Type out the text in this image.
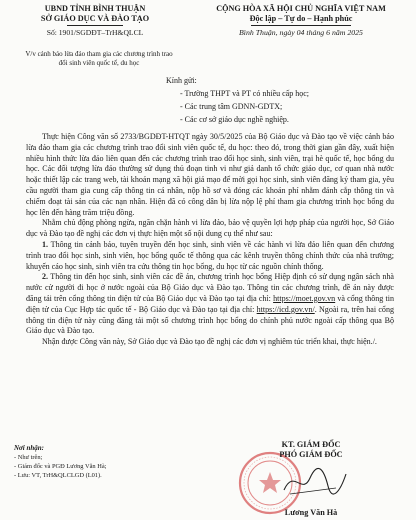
UBND TỈNH BÌNH THUẬN
SỞ GIÁO DỤC VÀ ĐÀO TẠO
Số: 1901/SGDĐT–TrH&QLCL
CỘNG HÒA XÃ HỘI CHỦ NGHĨA VIỆT NAM
Độc lập – Tự do – Hạnh phúc
Bình Thuận, ngày 04 tháng 6 năm 2025
V/v cảnh báo lừa đảo tham gia các chương trình trao đổi sinh viên quốc tế, du học
Kính gửi:
- Trường THPT và PT có nhiều cấp học;
- Các trung tâm GDNN-GDTX;
- Các cơ sở giáo dục nghề nghiệp.

Thực hiện Công văn số 2733/BGDĐT-HTQT ngày 30/5/2025 của Bộ Giáo dục và Đào tạo về việc cảnh báo lừa đảo tham gia các chương trình trao đổi sinh viên quốc tế, du học: theo đó, trong thời gian gần đây, xuất hiện nhiều hình thức lừa đảo liên quan đến các chương trình trao đổi học sinh, sinh viên, trại hè quốc tế, học bổng du học. Các đối tượng lừa đảo thường sử dụng thủ đoạn tinh vi như giả danh tổ chức giáo dục, cơ quan nhà nước hoặc thiết lập các trang web, tài khoản mạng xã hội giả mạo để mời gọi học sinh, sinh viên đăng ký tham gia, yêu cầu người tham gia cung cấp thông tin cá nhân, nộp hồ sơ và đóng các khoản phí nhằm đánh cắp thông tin và chiếm đoạt tài sản của các nạn nhân. Hiện đã có công dân bị lừa nộp lệ phí tham gia chương trình học bổng du học lên đến hàng trăm triệu đồng.

Nhằm chủ động phòng ngừa, ngăn chặn hành vi lừa đảo, bảo vệ quyền lợi hợp pháp của người học, Sở Giáo dục và Đào tạo đề nghị các đơn vị thực hiện một số nội dung cụ thể như sau:

1. Thông tin cảnh báo, tuyên truyền đến học sinh, sinh viên về các hành vi lừa đảo liên quan đến chương trình trao đổi học sinh, sinh viên, học bổng quốc tế thông qua các kênh truyền thông chính thức của nhà trường; khuyến cáo học sinh, sinh viên tra cứu thông tin học bổng, du học từ các nguồn chính thống.

2. Thông tin đến học sinh, sinh viên các đề án, chương trình học bổng Hiệp định có sử dụng ngân sách nhà nước cử người đi học ở nước ngoài của Bộ Giáo dục và Đào tạo. Thông tin các chương trình, đề án này được đăng tải trên cổng thông tin điện tử của Bộ Giáo dục và Đào tạo tại địa chỉ: https://moet.gov.vn và cổng thông tin điện tử của Cục Hợp tác quốc tế - Bộ Giáo dục và Đào tạo tại địa chỉ: https://icd.gov.vn/. Ngoài ra, trên hai cổng thông tin điện tử này cũng đăng tải một số chương trình học bổng do chính phủ nước ngoài cấp thông qua Bộ Giáo dục và Đào tạo.

Nhận được Công văn này, Sở Giáo dục và Đào tạo đề nghị các đơn vị nghiêm túc triển khai, thực hiện./.

Nơi nhận:
- Như trên;
- Giám đốc và PGĐ Lương Văn Hà;
- Lưu: VT, TrH&QLCLGD (L01).
KT. GIÁM ĐỐC
PHÓ GIÁM ĐỐC
Lương Văn Hà
